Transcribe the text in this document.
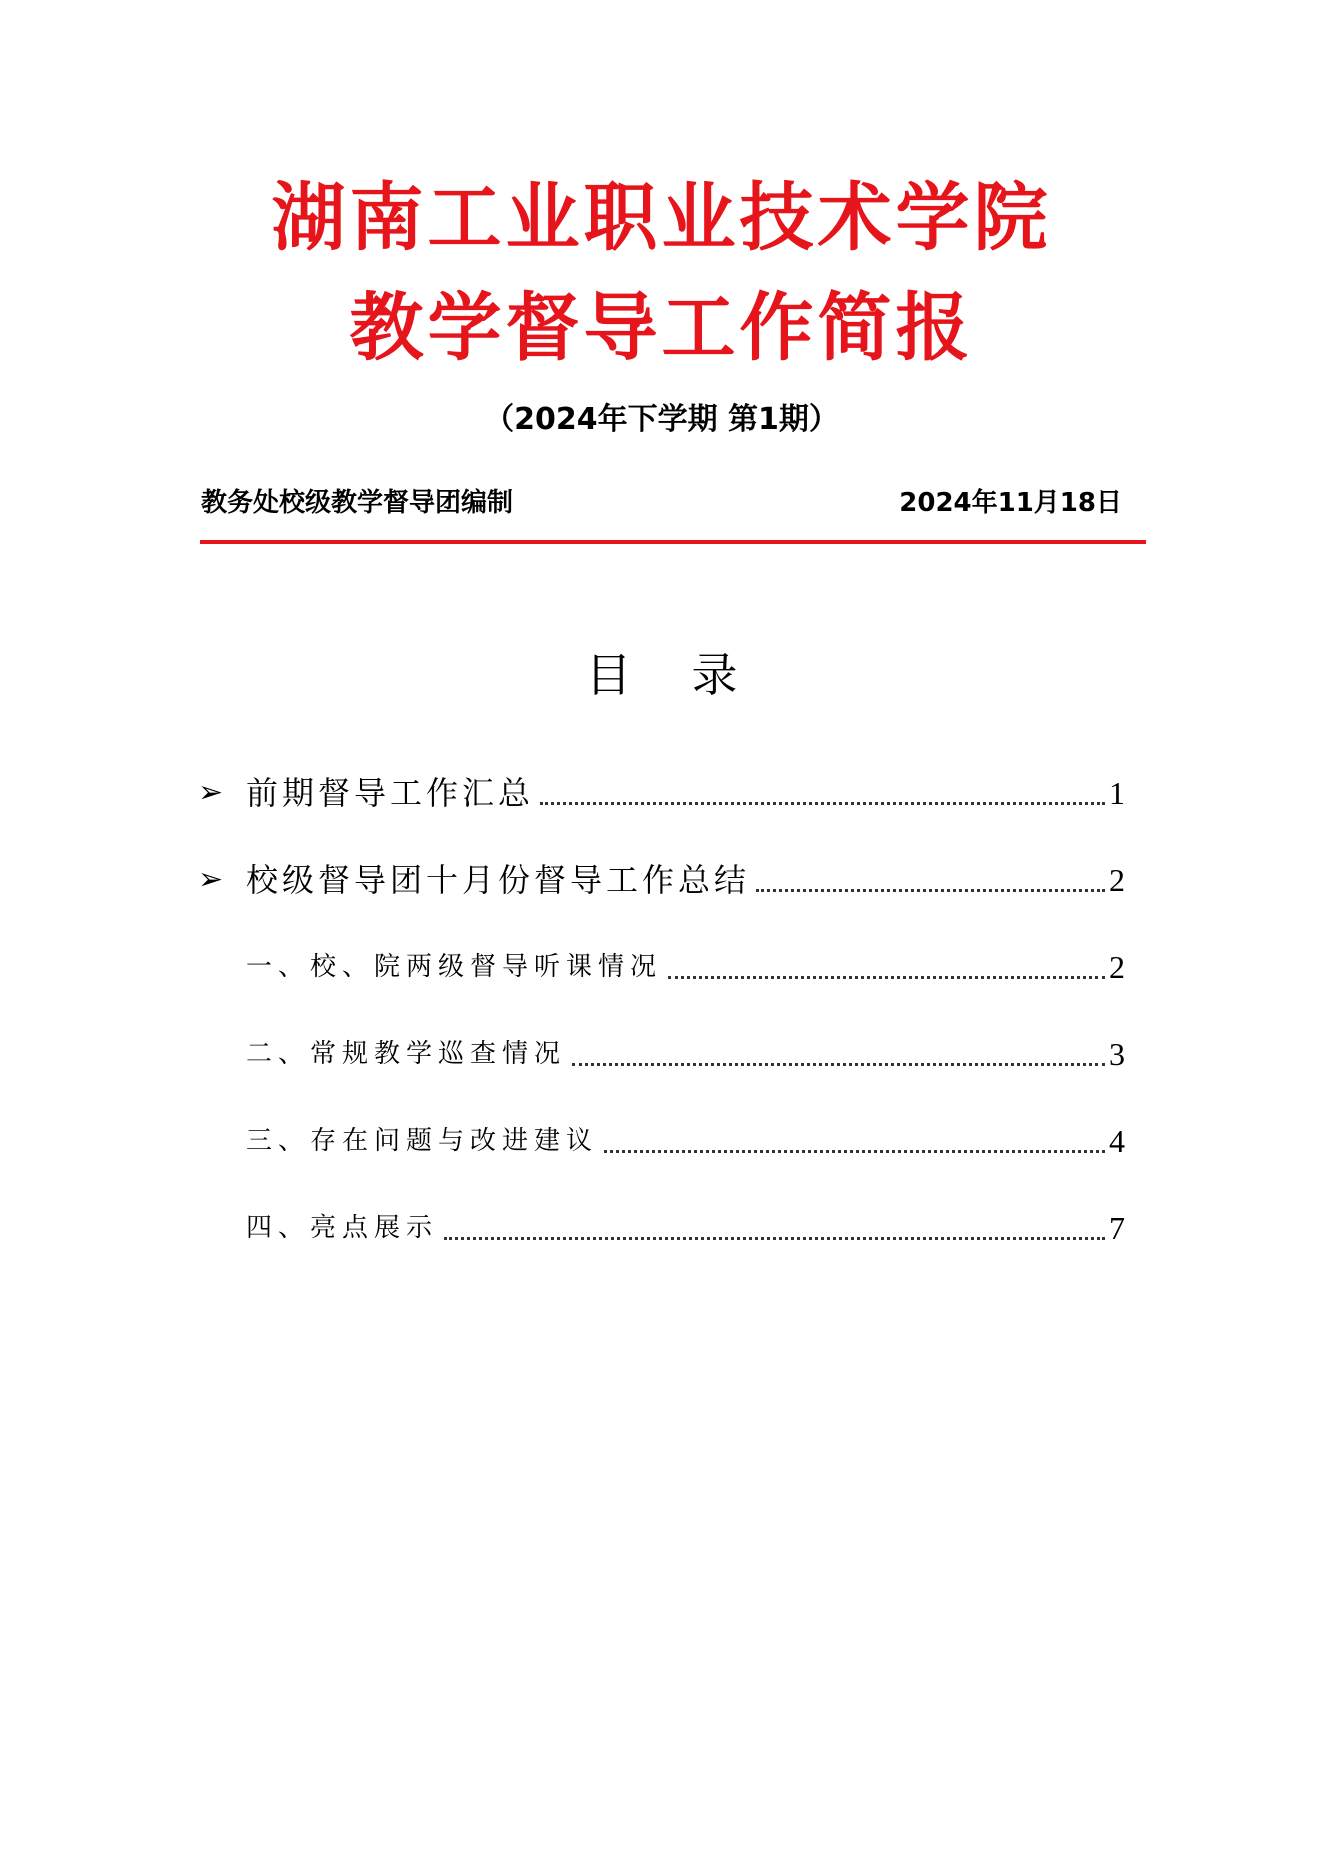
湖南工业职业技术学院
教学督导工作简报
（2024年下学期 第1期）
教务处校级教学督导团编制	2024年11月18日
目录
➢ 前期督导工作汇总	1
➢ 校级督导团十月份督导工作总结	2
一、校、院两级督导听课情况	2
二、常规教学巡查情况	3
三、存在问题与改进建议	4
四、亮点展示	7
